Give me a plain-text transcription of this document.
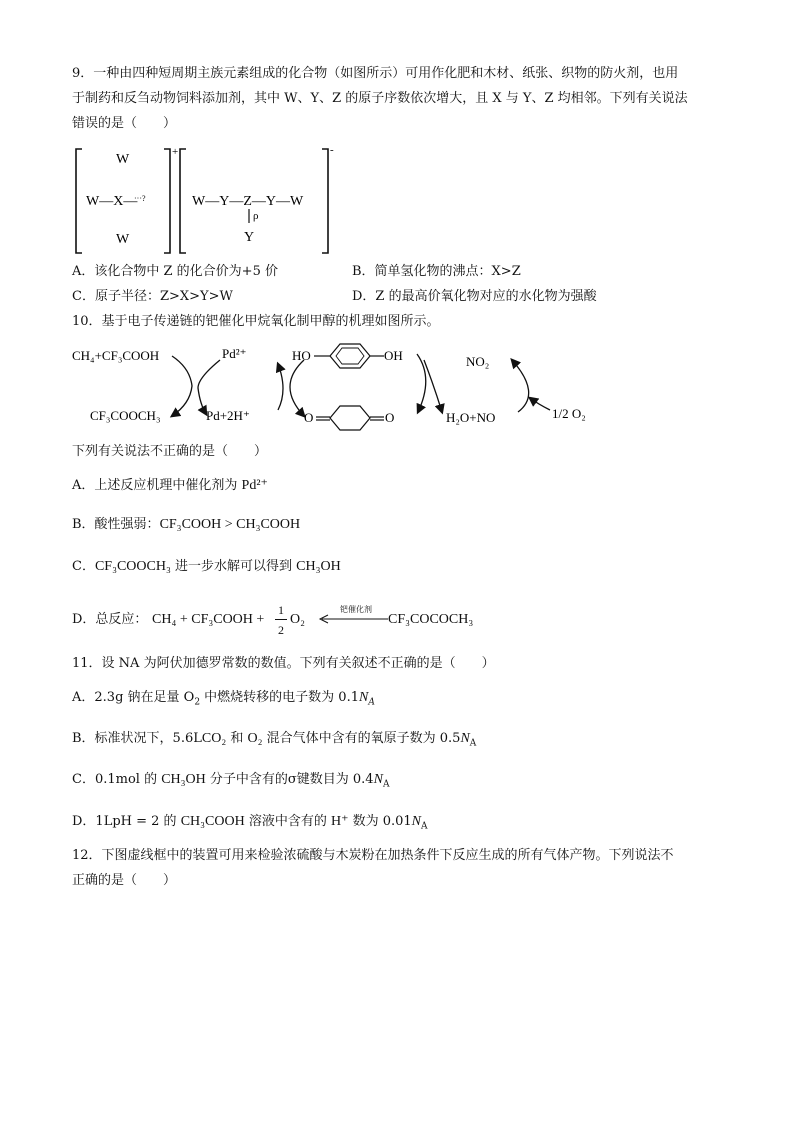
9．一种由四种短周期主族元素组成的化合物（如图所示）可用作化肥和木材、纸张、织物的防火剂，也用
于制药和反刍动物饲料添加剂，其中 W、Y、Z 的原子序数依次增大，且 X 与 Y、Z 均相邻。下列有关说法
错误的是（　　）
W
W—X—
···?
W
+
W—Y—Z—Y—W
ρ
Y
-
A．该化合物中 Z 的化合价为+5 价	B．简单氢化物的沸点：X>Z
C．原子半径：Z>X>Y>W	D．Z 的最高价氧化物对应的水化物为强酸
10．基于电子传递链的钯催化甲烷氧化制甲醇的机理如图所示。
CH₄+CF₃COOH
CF₃COOCH₃
Pd²⁺
Pd+2H⁺
HO	OH
O	O
NO₂
H₂O+NO	1/2 O₂
下列有关说法不正确的是（　　）
A．上述反应机理中催化剂为 Pd²⁺
B．酸性强弱：CF₃COOH > CH₃COOH
C．CF₃COOCH₃ 进一步水解可以得到 CH₃OH
D．总反应： CH₄ + CF₃COOH +
1
2
O₂
钯催化剂
CF₃COCOCH₃
11．设 NA 为阿伏加德罗常数的数值。下列有关叙述不正确的是（　　）
A．2.3g 钠在足量 $O_2$ 中燃烧转移的电子数为 $0.1N_A$
B．标准状况下，5.6LCO₂ 和 O₂ 混合气体中含有的氧原子数为 $0.5N_A$
C．0.1mol 的 CH₃OH 分子中含有的σ键数目为 $0.4N_A$
D．1LpH = 2 的 CH₃COOH 溶液中含有的 H⁺ 数为 $0.01N_A$
12．下图虚线框中的装置可用来检验浓硫酸与木炭粉在加热条件下反应生成的所有气体产物。下列说法不
正确的是（　　）
